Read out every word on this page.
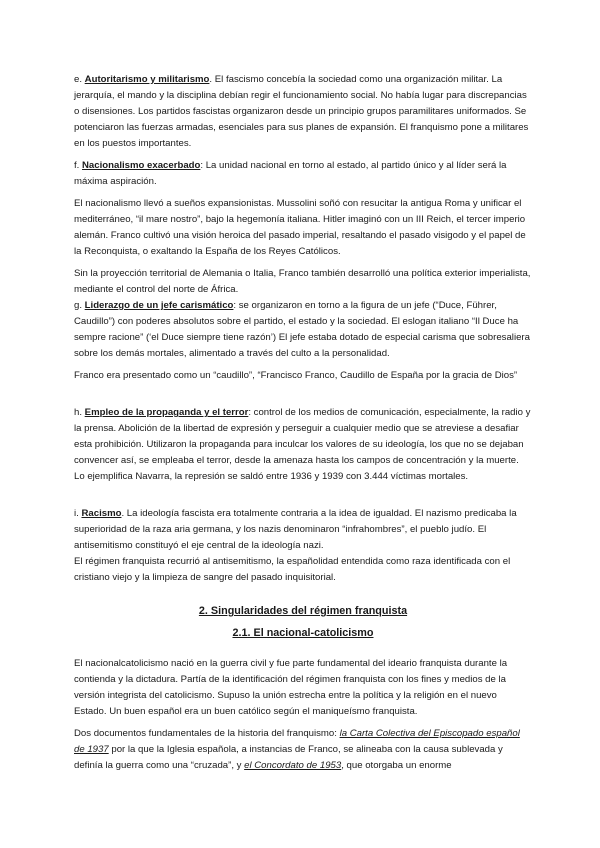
e. Autoritarismo y militarismo. El fascismo concebía la sociedad como una organización militar. La jerarquía, el mando y la disciplina debían regir el funcionamiento social. No había lugar para discrepancias o disensiones. Los partidos fascistas organizaron desde un principio grupos paramilitares uniformados. Se potenciaron las fuerzas armadas, esenciales para sus planes de expansión. El franquismo pone a militares en los puestos importantes.

f. Nacionalismo exacerbado: La unidad nacional en torno al estado, al partido único y al líder será la máxima aspiración.

El nacionalismo llevó a sueños expansionistas. Mussolini soñó con resucitar la antigua Roma y unificar el mediterráneo, “il mare nostro”, bajo la hegemonía italiana. Hitler imaginó con un III Reich, el tercer imperio alemán. Franco cultivó una visión heroica del pasado imperial, resaltando el pasado visigodo y el papel de la Reconquista, o exaltando la España de los Reyes Católicos.

Sin la proyección territorial de Alemania o Italia, Franco también desarrolló una política exterior imperialista, mediante el control del norte de África.

g. Liderazgo de un jefe carismático: se organizaron en torno a la figura de un jefe (“Duce, Führer, Caudillo”) con poderes absolutos sobre el partido, el estado y la sociedad. El eslogan italiano “Il Duce ha sempre racione” (‘el Duce siempre tiene razón’) El jefe estaba dotado de especial carisma que sobresaliera sobre los demás mortales, alimentado a través del culto a la personalidad.

Franco era presentado como un “caudillo”, “Francisco Franco, Caudillo de España por la gracia de Dios”

h. Empleo de la propaganda y el terror: control de los medios de comunicación, especialmente, la radio y la prensa. Abolición de la libertad de expresión y perseguir a cualquier medio que se atreviese a desafiar esta prohibición. Utilizaron la propaganda para inculcar los valores de su ideología, los que no se dejaban convencer así, se empleaba el terror, desde la amenaza hasta los campos de concentración y la muerte. Lo ejemplifica Navarra, la represión se saldó entre 1936 y 1939 con 3.444 víctimas mortales.

i. Racismo. La ideología fascista era totalmente contraria a la idea de igualdad. El nazismo predicaba la superioridad de la raza aria germana, y los nazis denominaron “infrahombres”, el pueblo judío. El antisemitismo constituyó el eje central de la ideología nazi.

El régimen franquista recurrió al antisemitismo, la españolidad entendida como raza identificada con el cristiano viejo y la limpieza de sangre del pasado inquisitorial.

2. Singularidades del régimen franquista
2.1. El nacional-catolicismo

El nacionalcatolicismo nació en la guerra civil y fue parte fundamental del ideario franquista durante la contienda y la dictadura. Partía de la identificación del régimen franquista con los fines y medios de la versión integrista del catolicismo. Supuso la unión estrecha entre la política y la religión en el nuevo Estado. Un buen español era un buen católico según el maniqueísmo franquista.

Dos documentos fundamentales de la historia del franquismo: la Carta Colectiva del Episcopado español de 1937 por la que la Iglesia española, a instancias de Franco, se alineaba con la causa sublevada y definía la guerra como una “cruzada”, y el Concordato de 1953, que otorgaba un enorme
